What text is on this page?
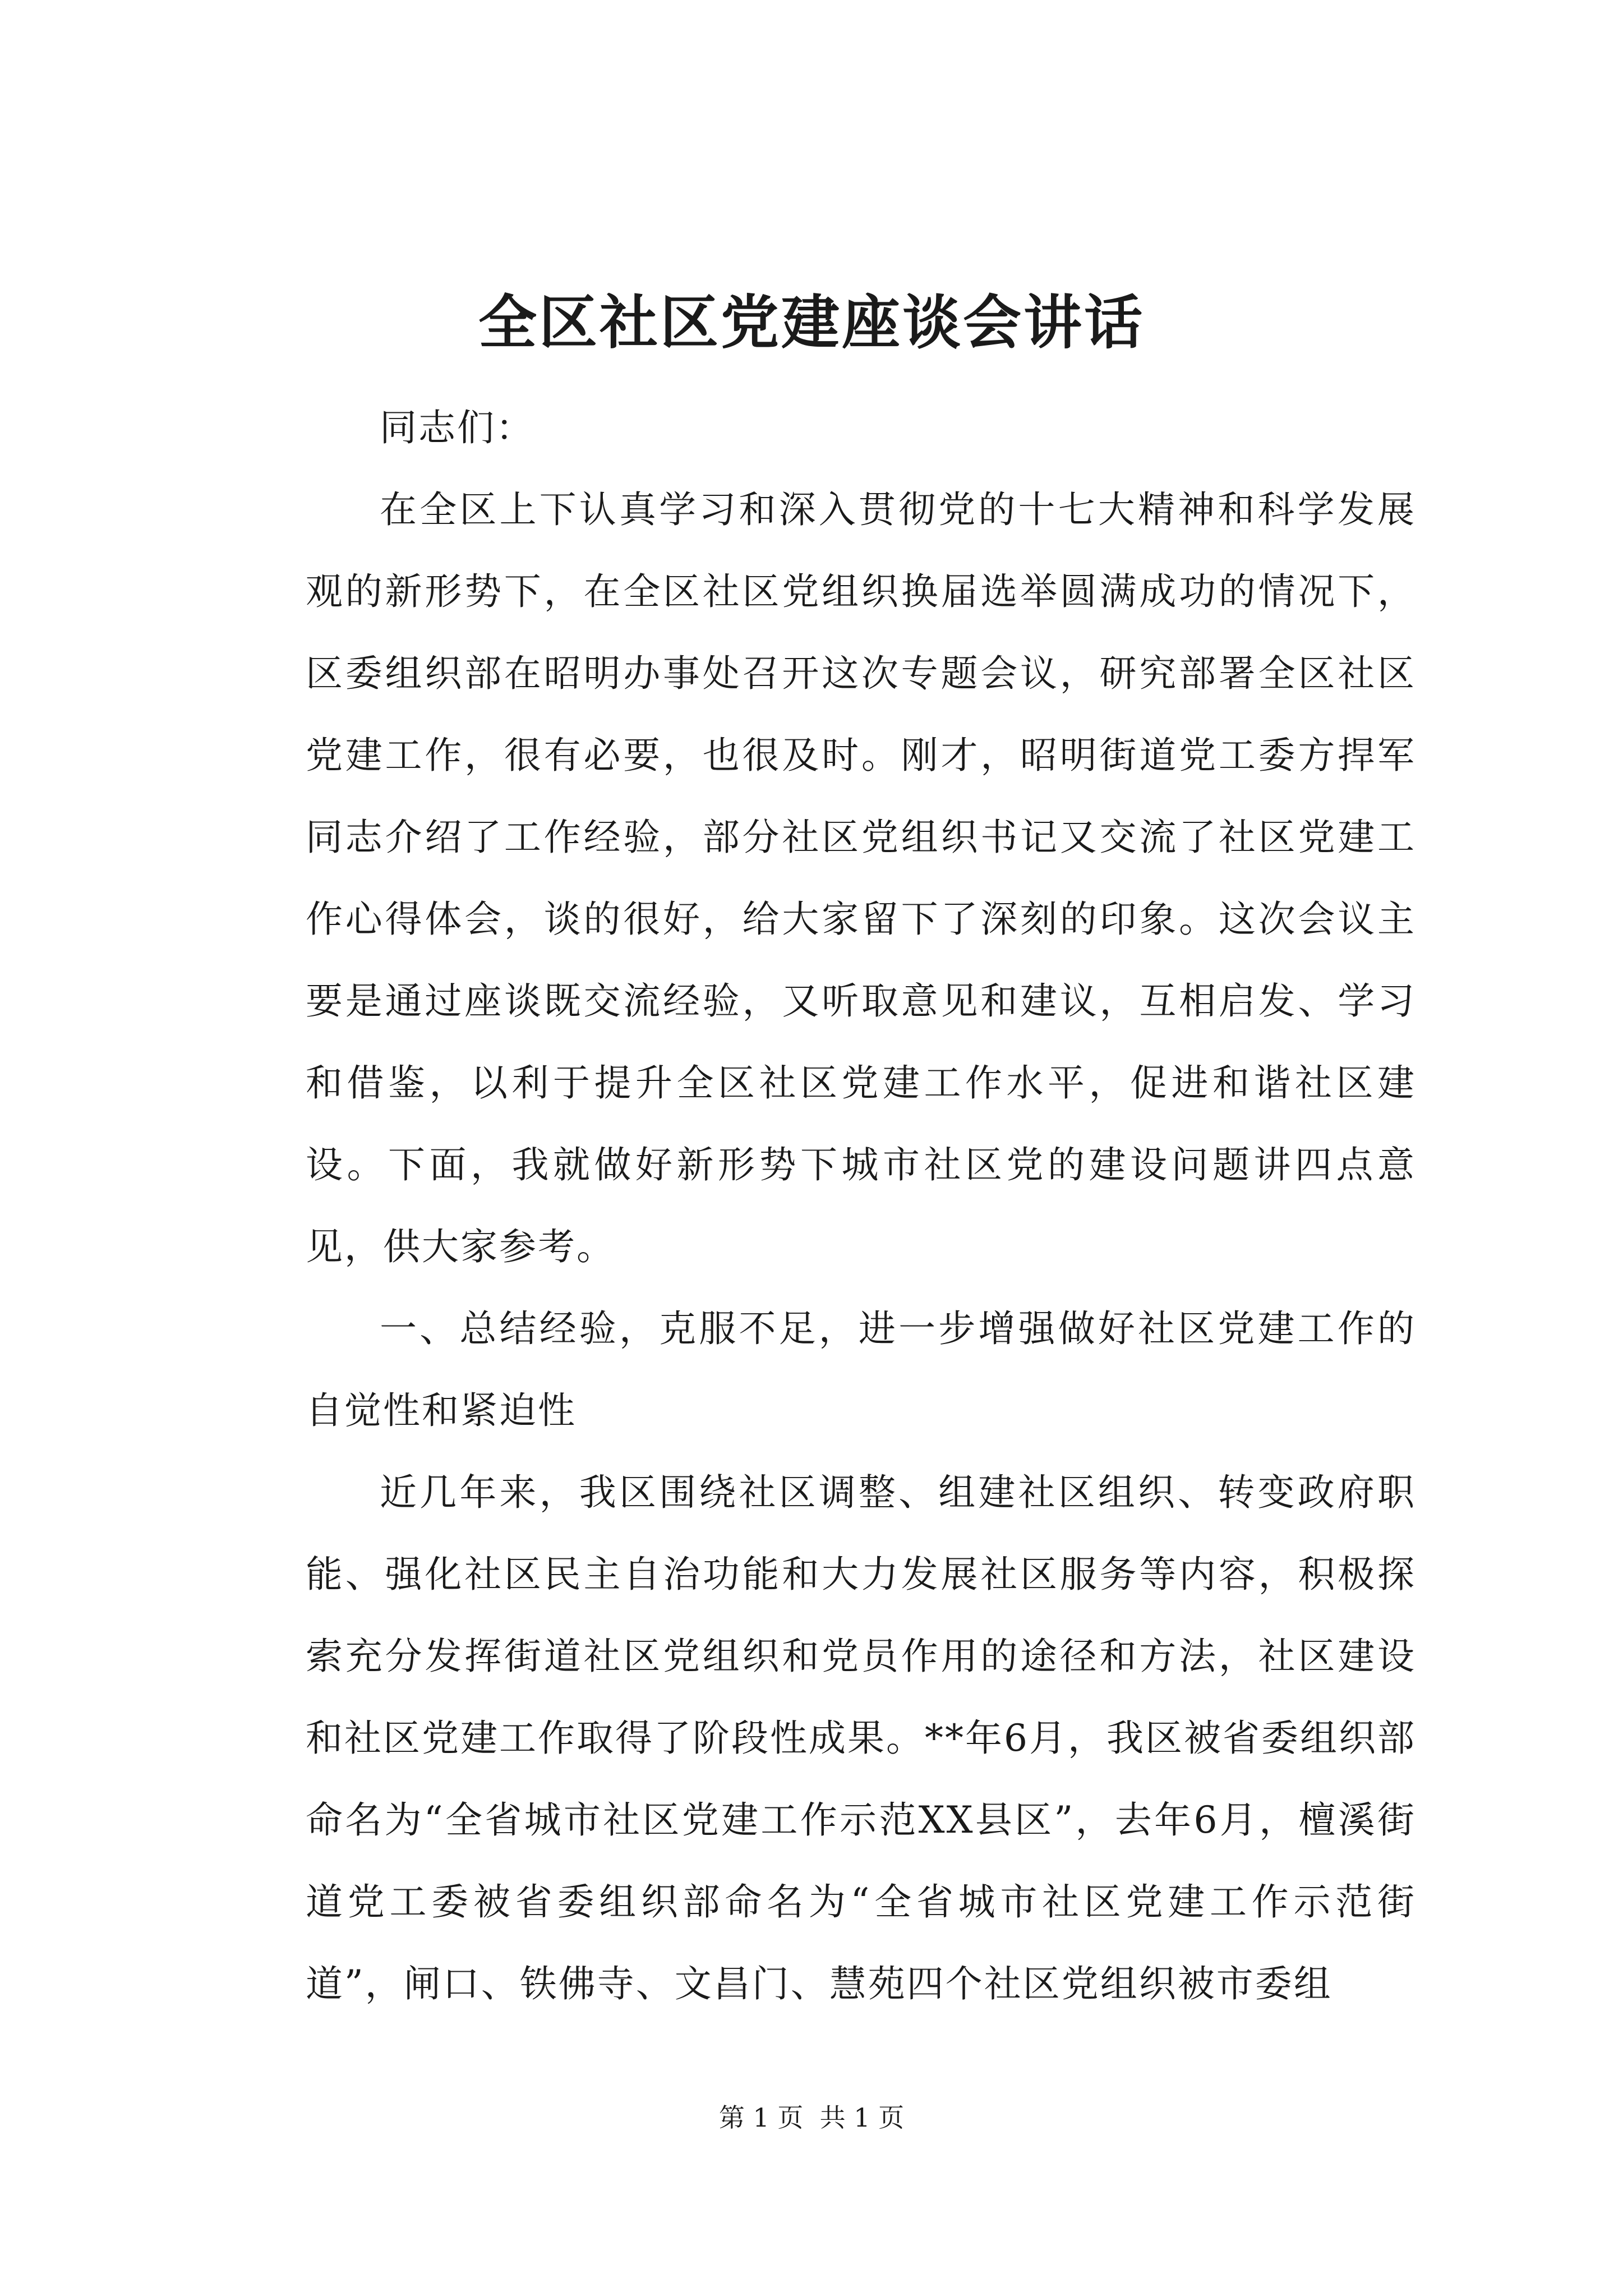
全区社区党建座谈会讲话

同志们：

在全区上下认真学习和深入贯彻党的十七大精神和科学发展观的新形势下，在全区社区党组织换届选举圆满成功的情况下，区委组织部在昭明办事处召开这次专题会议，研究部署全区社区党建工作，很有必要，也很及时。刚才，昭明街道党工委方捍军同志介绍了工作经验，部分社区党组织书记又交流了社区党建工作心得体会，谈的很好，给大家留下了深刻的印象。这次会议主要是通过座谈既交流经验，又听取意见和建议，互相启发、学习和借鉴，以利于提升全区社区党建工作水平，促进和谐社区建设。下面，我就做好新形势下城市社区党的建设问题讲四点意见，供大家参考。

一、总结经验，克服不足，进一步增强做好社区党建工作的自觉性和紧迫性

近几年来，我区围绕社区调整、组建社区组织、转变政府职能、强化社区民主自治功能和大力发展社区服务等内容，积极探索充分发挥街道社区党组织和党员作用的途径和方法，社区建设和社区党建工作取得了阶段性成果。**年6月，我区被省委组织部命名为“全省城市社区党建工作示范XX县区”，去年6月，檀溪街道党工委被省委组织部命名为“全省城市社区党建工作示范街道”，闸口、铁佛寺、文昌门、慧苑四个社区党组织被市委组

第 1 页  共 1 页
